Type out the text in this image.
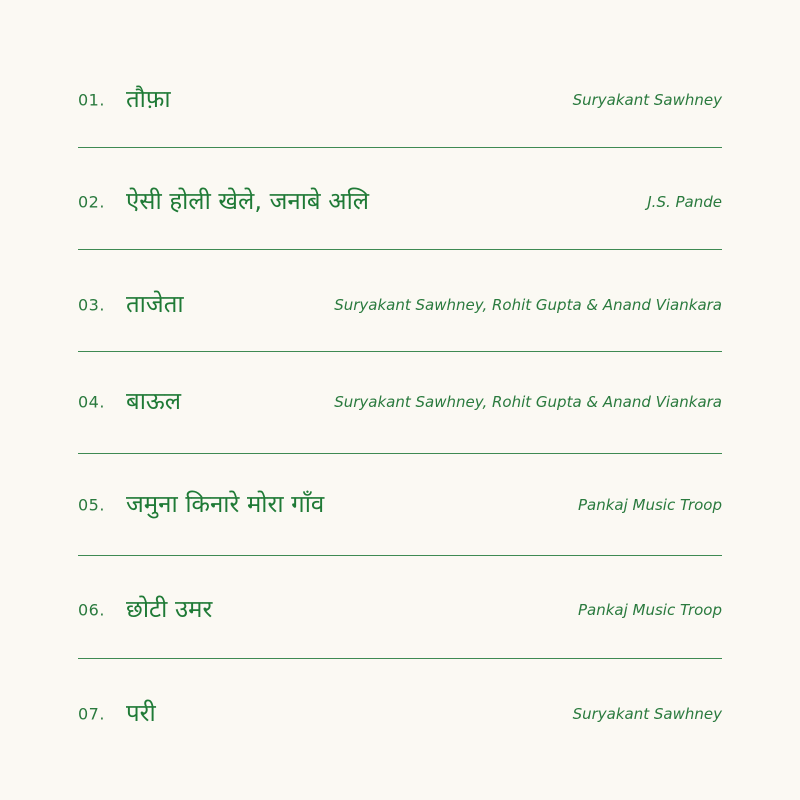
01. तौफ़ा	Suryakant Sawhney
02. ऐसी होली खेले, जनाबे अलि	J.S. Pande
03. ताजेता	Suryakant Sawhney, Rohit Gupta & Anand Viankara
04. बाऊल	Suryakant Sawhney, Rohit Gupta & Anand Viankara
05. जमुना किनारे मोरा गाँव	Pankaj Music Troop
06. छोटी उमर	Pankaj Music Troop
07. परी	Suryakant Sawhney
